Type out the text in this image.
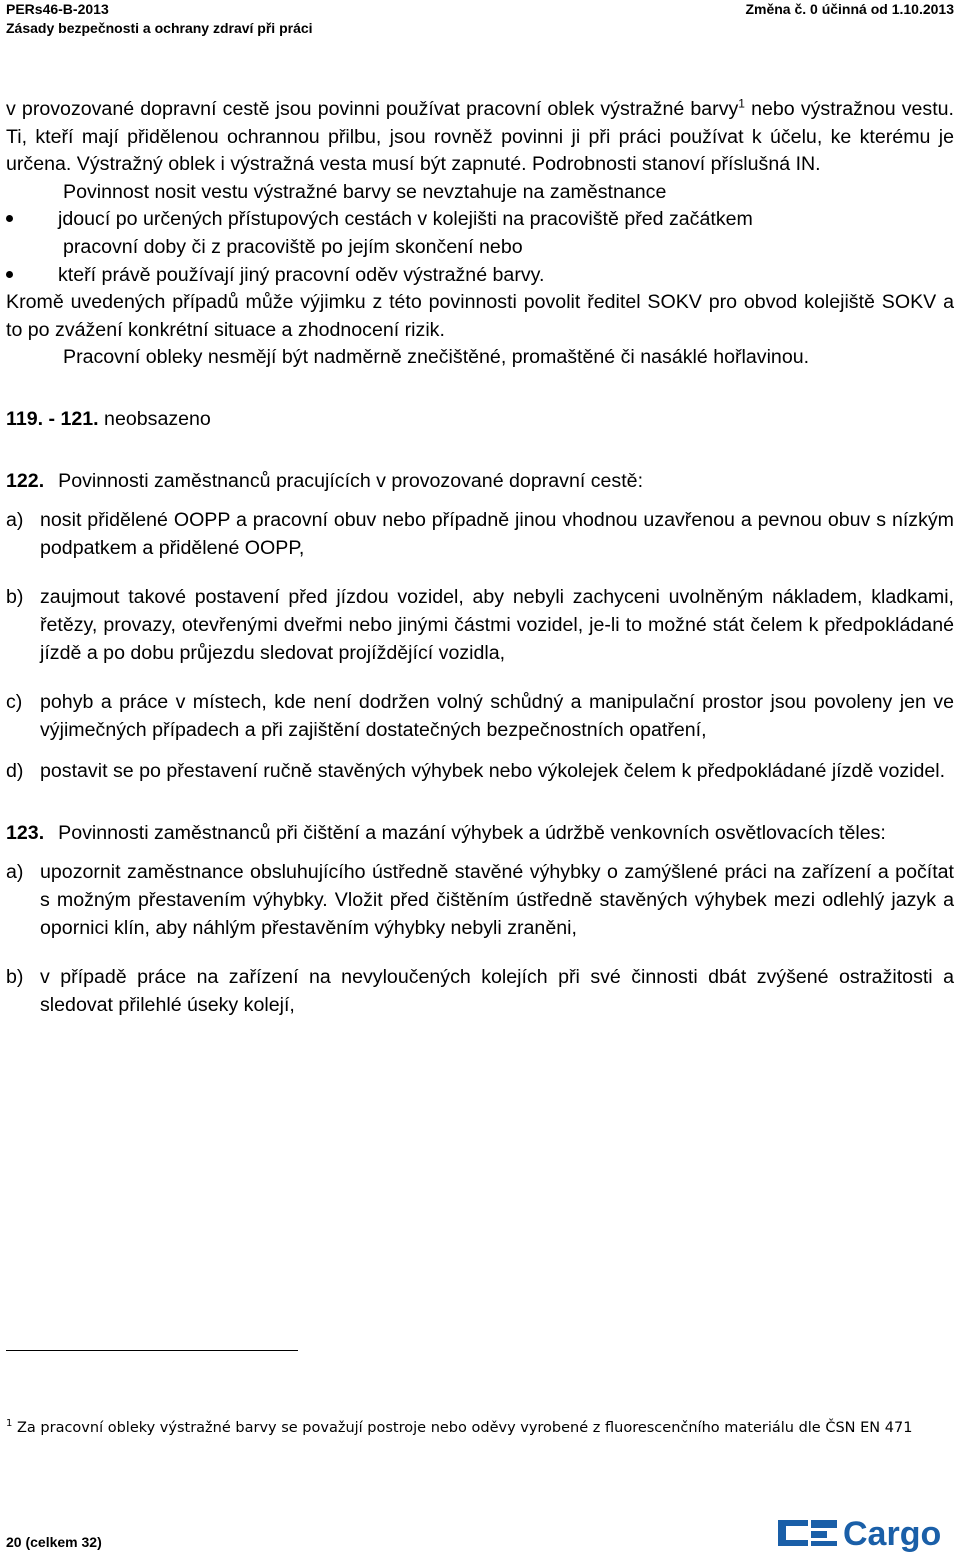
PERs46-B-2013	Změna č. 0 účinná od 1.10.2013
Zásady bezpečnosti a ochrany zdraví při práci

v provozované dopravní cestě jsou povinni používat pracovní oblek výstražné barvy$^1$ nebo výstražnou vestu. Ti, kteří mají přidělenou ochrannou přilbu, jsou rovněž povinni ji při práci používat k účelu, ke kterému je určena. Výstražný oblek i výstražná vesta musí být zapnuté. Podrobnosti stanoví příslušná IN.

Povinnost nosit vestu výstražné barvy se nevztahuje na zaměstnance

jdoucí po určených přístupových cestách v kolejišti na pracoviště před začátkem
pracovní doby či z pracoviště po jejím skončení nebo
kteří právě používají jiný pracovní oděv výstražné barvy.

Kromě uvedených případů může výjimku z této povinnosti povolit ředitel SOKV pro obvod kolejiště SOKV a to po zvážení konkrétní situace a zhodnocení rizik.

Pracovní obleky nesmějí být nadměrně znečištěné, promaštěné či nasáklé hořlavinou.

119. - 121. neobsazeno

122. Povinnosti zaměstnanců pracujících v provozované dopravní cestě:

a) nosit přidělené OOPP a pracovní obuv nebo případně jinou vhodnou uzavřenou a pevnou obuv s nízkým podpatkem a přidělené OOPP,
b) zaujmout takové postavení před jízdou vozidel, aby nebyli zachyceni uvolněným nákladem, kladkami, řetězy, provazy, otevřenými dveřmi nebo jinými částmi vozidel, je-li to možné stát čelem k předpokládané jízdě a po dobu průjezdu sledovat projíždějící vozidla,
c) pohyb a práce v místech, kde není dodržen volný schůdný a manipulační prostor jsou povoleny jen ve výjimečných případech a při zajištění dostatečných bezpečnostních opatření,
d) postavit se po přestavení ručně stavěných výhybek nebo výkolejek čelem k předpokládané jízdě vozidel.

123. Povinnosti zaměstnanců při čištění a mazání výhybek a údržbě venkovních osvětlovacích těles:

a) upozornit zaměstnance obsluhujícího ústředně stavěné výhybky o zamýšlené práci na zařízení a počítat s možným přestavením výhybky. Vložit před čištěním ústředně stavěných výhybek mezi odlehlý jazyk a opornici klín, aby náhlým přestavěním výhybky nebyli zraněni,
b) v případě práce na zařízení na nevyloučených kolejích při své činnosti dbát zvýšené ostražitosti a sledovat přilehlé úseky kolejí,
$^1$ Za pracovní obleky výstražné barvy se považují postroje nebo oděvy vyrobené z fluorescenčního materiálu dle ČSN EN 471
20 (celkem 32)	Cargo
